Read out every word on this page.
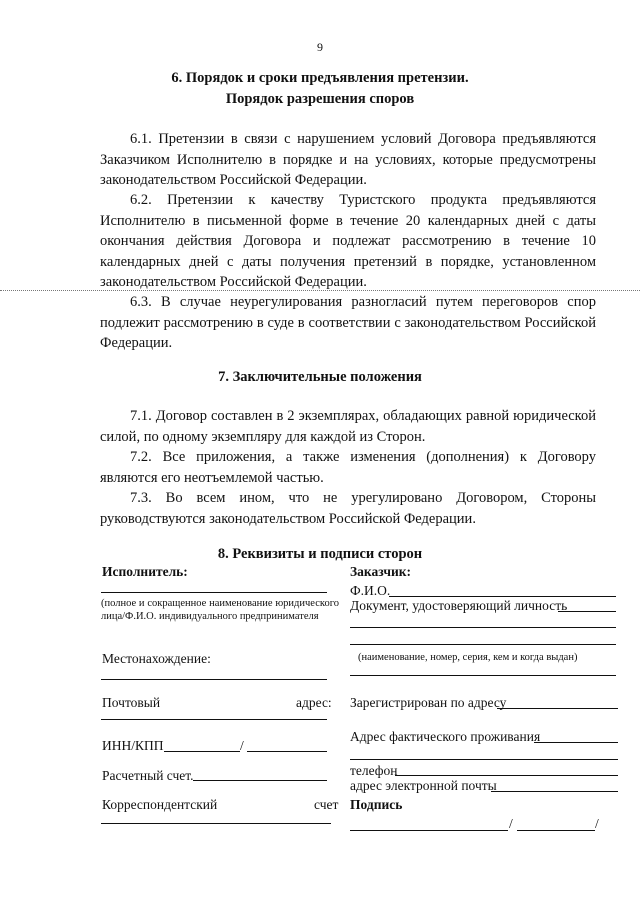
9
6. Порядок и сроки предъявления претензии.
Порядок разрешения споров
6.1. Претензии в связи с нарушением условий Договора предъявляются Заказчиком Исполнителю в порядке и на условиях, которые предусмотрены законодательством Российской Федерации.
6.2. Претензии к качеству Туристского продукта предъявляются Исполнителю в письменной форме в течение 20 календарных дней с даты окончания действия Договора и подлежат рассмотрению в течение 10 календарных дней с даты получения претензий в порядке, установленном законодательством Российской Федерации.
6.3. В случае неурегулирования разногласий путем переговоров спор подлежит рассмотрению в суде в соответствии с законодательством Российской Федерации.
7. Заключительные положения
7.1. Договор составлен в 2 экземплярах, обладающих равной юридической силой, по одному экземпляру для каждой из Сторон.
7.2. Все приложения, а также изменения (дополнения) к Договору являются его неотъемлемой частью.
7.3. Во всем ином, что не урегулировано Договором, Стороны руководствуются законодательством Российской Федерации.
8. Реквизиты и подписи сторон
Исполнитель:
(полное и сокращенное наименование юридического лица/Ф.И.О. индивидуального предпринимателя
Местонахождение:
Почтовый	адрес:
ИНН/КПП	/
Расчетный счет.
Корреспондентский	счет
Заказчик:
Ф.И.О.
Документ, удостоверяющий личность
(наименование, номер, серия, кем и когда выдан)
Зарегистрирован по адресу
Адрес фактического проживания
телефон
адрес электронной почты
Подпись
/	/
